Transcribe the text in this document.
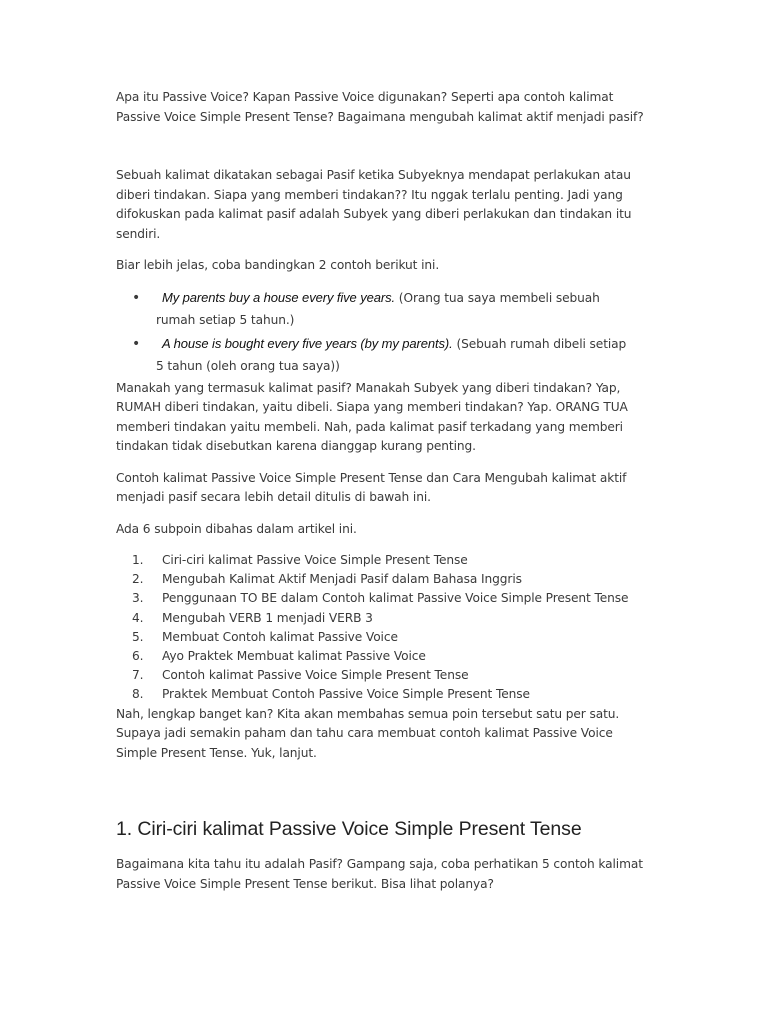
Apa itu Passive Voice? Kapan Passive Voice digunakan? Seperti apa contoh kalimat Passive Voice Simple Present Tense? Bagaimana mengubah kalimat aktif menjadi pasif?

Sebuah kalimat dikatakan sebagai Pasif ketika Subyeknya mendapat perlakukan atau diberi tindakan. Siapa yang memberi tindakan?? Itu nggak terlalu penting. Jadi yang difokuskan pada kalimat pasif adalah Subyek yang diberi perlakukan dan tindakan itu sendiri.

Biar lebih jelas, coba bandingkan 2 contoh berikut ini.

• My parents buy a house every five years. (Orang tua saya membeli sebuah
rumah setiap 5 tahun.)
• A house is bought every five years (by my parents). (Sebuah rumah dibeli setiap
5 tahun (oleh orang tua saya))

Manakah yang termasuk kalimat pasif? Manakah Subyek yang diberi tindakan? Yap, RUMAH diberi tindakan, yaitu dibeli. Siapa yang memberi tindakan? Yap. ORANG TUA memberi tindakan yaitu membeli. Nah, pada kalimat pasif terkadang yang memberi tindakan tidak disebutkan karena dianggap kurang penting.

Contoh kalimat Passive Voice Simple Present Tense dan Cara Mengubah kalimat aktif menjadi pasif secara lebih detail ditulis di bawah ini.

Ada 6 subpoin dibahas dalam artikel ini.

1. Ciri-ciri kalimat Passive Voice Simple Present Tense
2. Mengubah Kalimat Aktif Menjadi Pasif dalam Bahasa Inggris
3. Penggunaan TO BE dalam Contoh kalimat Passive Voice Simple Present Tense
4. Mengubah VERB 1 menjadi VERB 3
5. Membuat Contoh kalimat Passive Voice
6. Ayo Praktek Membuat kalimat Passive Voice
7. Contoh kalimat Passive Voice Simple Present Tense
8. Praktek Membuat Contoh Passive Voice Simple Present Tense

Nah, lengkap banget kan? Kita akan membahas semua poin tersebut satu per satu. Supaya jadi semakin paham dan tahu cara membuat contoh kalimat Passive Voice Simple Present Tense. Yuk, lanjut.

1. Ciri-ciri kalimat Passive Voice Simple Present Tense

Bagaimana kita tahu itu adalah Pasif? Gampang saja, coba perhatikan 5 contoh kalimat Passive Voice Simple Present Tense berikut. Bisa lihat polanya?
